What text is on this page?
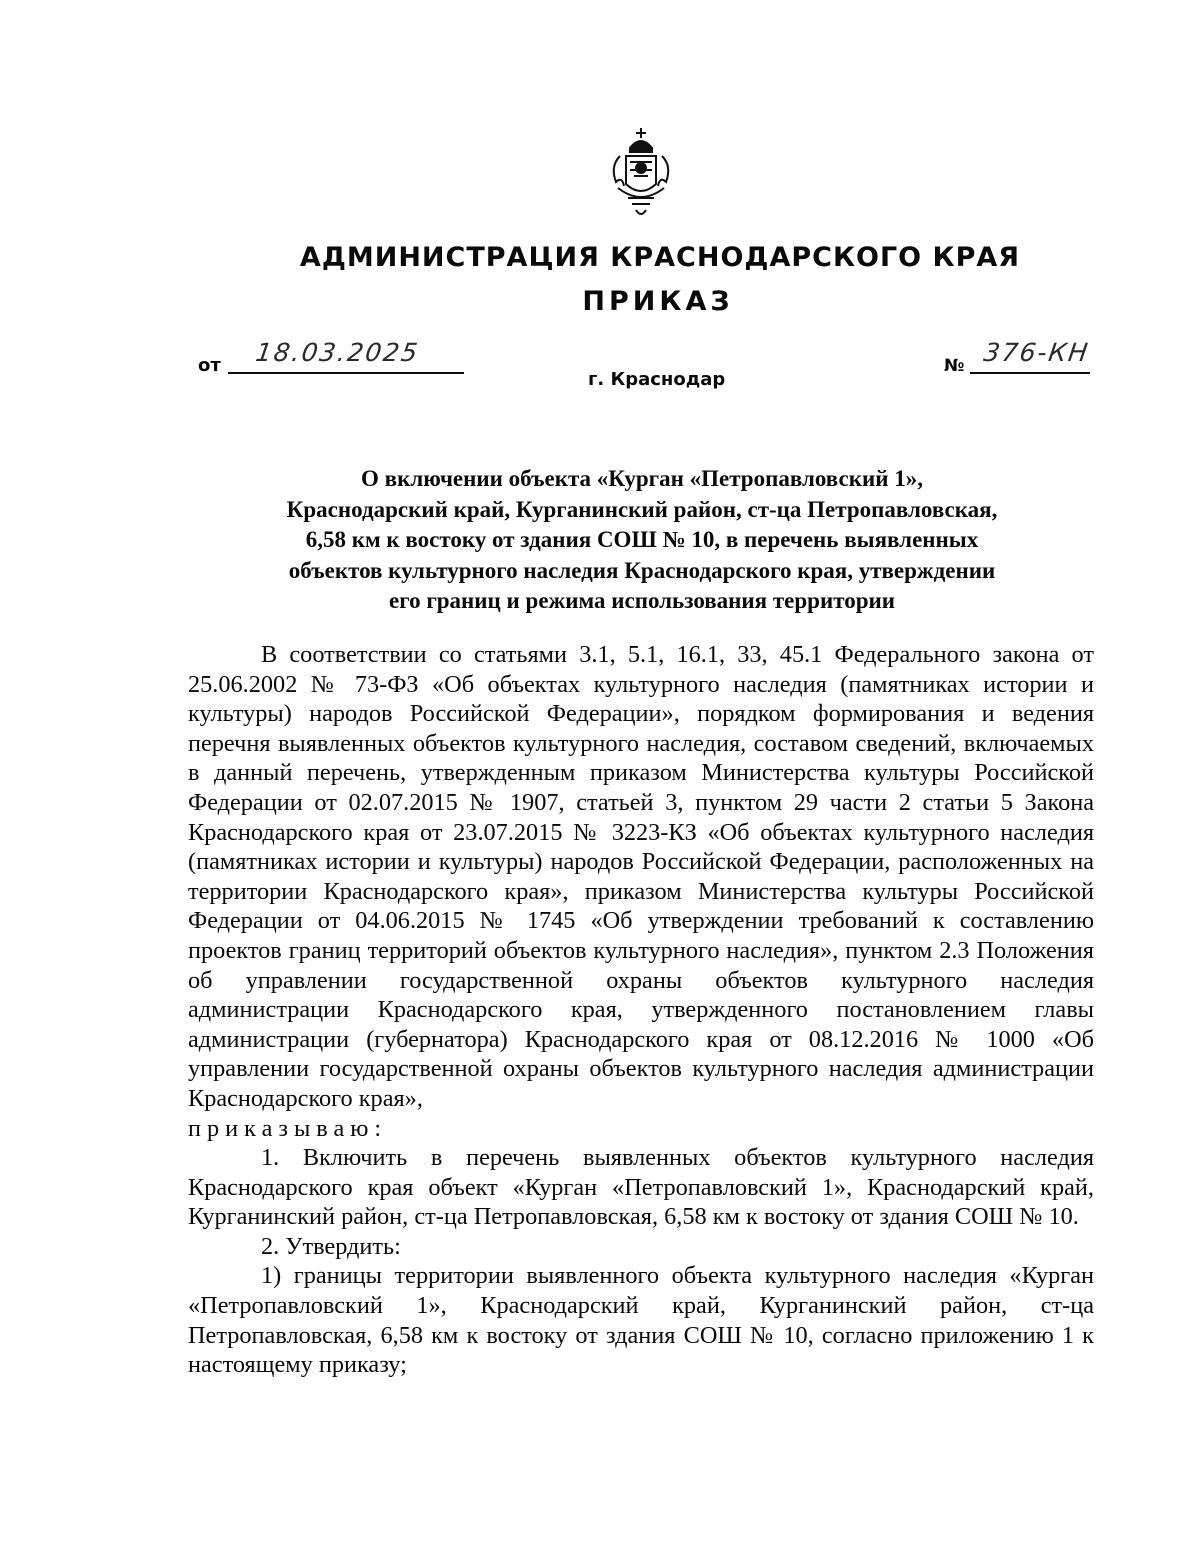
АДМИНИСТРАЦИЯ КРАСНОДАРСКОГО КРАЯ
ПРИКАЗ
от 18.03.2025	№ 376-КН
г. Краснодар
О включении объекта «Курган «Петропавловский 1»,
Краснодарский край, Курганинский район, ст-ца Петропавловская,
6,58 км к востоку от здания СОШ № 10, в перечень выявленных
объектов культурного наследия Краснодарского края, утверждении
его границ и режима использования территории

В соответствии со статьями 3.1, 5.1, 16.1, 33, 45.1 Федерального закона от 25.06.2002 № 73-ФЗ «Об объектах культурного наследия (памятниках истории и культуры) народов Российской Федерации», порядком формирования и ведения перечня выявленных объектов культурного наследия, составом сведений, включаемых в данный перечень, утвержденным приказом Министерства культуры Российской Федерации от 02.07.2015 № 1907, статьей 3, пунктом 29 части 2 статьи 5 Закона Краснодарского края от 23.07.2015 № 3223-КЗ «Об объектах культурного наследия (памятниках истории и культуры) народов Российской Федерации, расположенных на территории Краснодарского края», приказом Министерства культуры Российской Федерации от 04.06.2015 № 1745 «Об утверждении требований к составлению проектов границ территорий объектов культурного наследия», пунктом 2.3 Положения об управлении государственной охраны объектов культурного наследия администрации Краснодарского края, утвержденного постановлением главы администрации (губернатора) Краснодарского края от 08.12.2016 № 1000 «Об управлении государственной охраны объектов культурного наследия администрации Краснодарского края»,

приказываю:

1. Включить в перечень выявленных объектов культурного наследия Краснодарского края объект «Курган «Петропавловский 1», Краснодарский край, Курганинский район, ст-ца Петропавловская, 6,58 км к востоку от здания СОШ № 10.

2. Утвердить:

1) границы территории выявленного объекта культурного наследия «Курган «Петропавловский 1», Краснодарский край, Курганинский район, ст-ца Петропавловская, 6,58 км к востоку от здания СОШ № 10, согласно приложению 1 к настоящему приказу;
